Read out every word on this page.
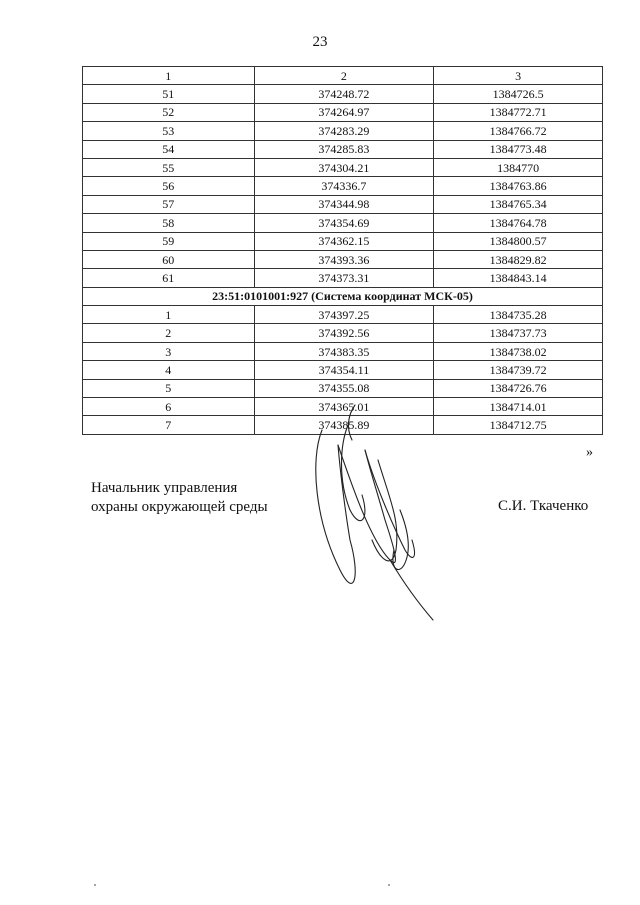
23
1	2	3
51	374248.72	1384726.5
52	374264.97	1384772.71
53	374283.29	1384766.72
54	374285.83	1384773.48
55	374304.21	1384770
56	374336.7	1384763.86
57	374344.98	1384765.34
58	374354.69	1384764.78
59	374362.15	1384800.57
60	374393.36	1384829.82
61	374373.31	1384843.14
23:51:0101001:927 (Система координат МСК-05)		
1	374397.25	1384735.28
2	374392.56	1384737.73
3	374383.35	1384738.02
4	374354.11	1384739.72
5	374355.08	1384726.76
6	374365.01	1384714.01
7	374385.89	1384712.75
»
Начальник управления
охраны окружающей среды	С.И. Ткаченко
